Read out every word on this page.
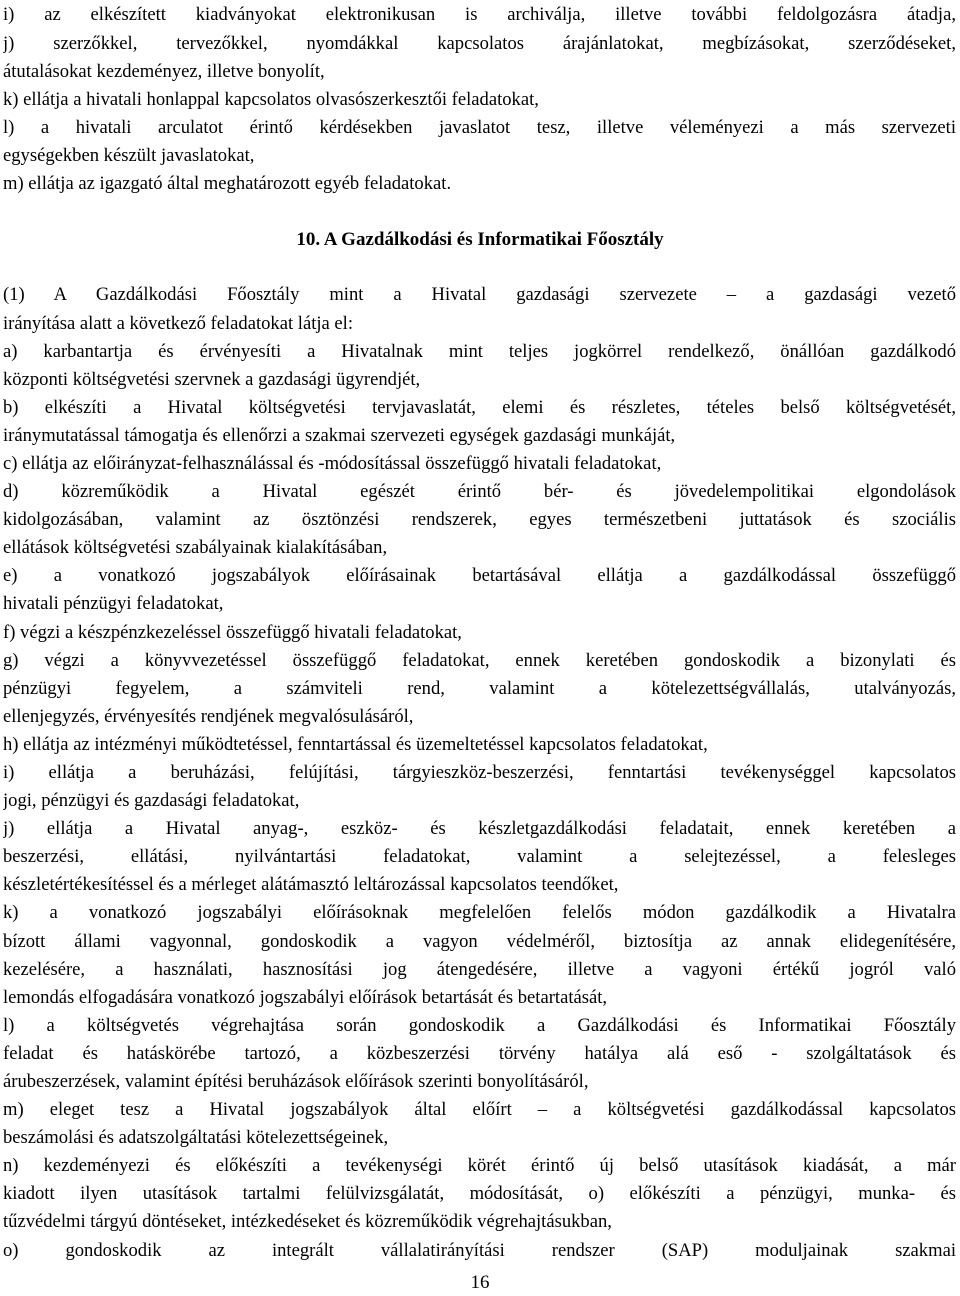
i) az elkészített kiadványokat elektronikusan is archiválja, illetve további feldolgozásra átadja,
j) szerzőkkel, tervezőkkel, nyomdákkal kapcsolatos árajánlatokat, megbízásokat, szerződéseket,
átutalásokat kezdeményez, illetve bonyolít,
k) ellátja a hivatali honlappal kapcsolatos olvasószerkesztői feladatokat,
l) a hivatali arculatot érintő kérdésekben javaslatot tesz, illetve véleményezi a más szervezeti
egységekben készült javaslatokat,
m) ellátja az igazgató által meghatározott egyéb feladatokat.
10. A Gazdálkodási és Informatikai Főosztály
(1) A Gazdálkodási Főosztály mint a Hivatal gazdasági szervezete – a gazdasági vezető
irányítása alatt a következő feladatokat látja el:
a) karbantartja és érvényesíti a Hivatalnak mint teljes jogkörrel rendelkező, önállóan gazdálkodó
központi költségvetési szervnek a gazdasági ügyrendjét,
b) elkészíti a Hivatal költségvetési tervjavaslatát, elemi és részletes, tételes belső költségvetését,
iránymutatással támogatja és ellenőrzi a szakmai szervezeti egységek gazdasági munkáját,
c) ellátja az előirányzat-felhasználással és -módosítással összefüggő hivatali feladatokat,
d) közreműködik a Hivatal egészét érintő bér- és jövedelempolitikai elgondolások
kidolgozásában, valamint az ösztönzési rendszerek, egyes természetbeni juttatások és szociális
ellátások költségvetési szabályainak kialakításában,
e) a vonatkozó jogszabályok előírásainak betartásával ellátja a gazdálkodással összefüggő
hivatali pénzügyi feladatokat,
f) végzi a készpénzkezeléssel összefüggő hivatali feladatokat,
g) végzi a könyvvezetéssel összefüggő feladatokat, ennek keretében gondoskodik a bizonylati és
pénzügyi fegyelem, a számviteli rend, valamint a kötelezettségvállalás, utalványozás,
ellenjegyzés, érvényesítés rendjének megvalósulásáról,
h) ellátja az intézményi működtetéssel, fenntartással és üzemeltetéssel kapcsolatos feladatokat,
i) ellátja a beruházási, felújítási, tárgyieszköz-beszerzési, fenntartási tevékenységgel kapcsolatos
jogi, pénzügyi és gazdasági feladatokat,
j) ellátja a Hivatal anyag-, eszköz- és készletgazdálkodási feladatait, ennek keretében a
beszerzési, ellátási, nyilvántartási feladatokat, valamint a selejtezéssel, a felesleges
készletértékesítéssel és a mérleget alátámasztó leltározással kapcsolatos teendőket,
k) a vonatkozó jogszabályi előírásoknak megfelelően felelős módon gazdálkodik a Hivatalra
bízott állami vagyonnal, gondoskodik a vagyon védelméről, biztosítja az annak elidegenítésére,
kezelésére, a használati, hasznosítási jog átengedésére, illetve a vagyoni értékű jogról való
lemondás elfogadására vonatkozó jogszabályi előírások betartását és betartatását,
l) a költségvetés végrehajtása során gondoskodik a Gazdálkodási és Informatikai Főosztály
feladat és hatáskörébe tartozó, a közbeszerzési törvény hatálya alá eső - szolgáltatások és
árubeszerzések, valamint építési beruházások előírások szerinti bonyolításáról,
m) eleget tesz a Hivatal jogszabályok által előírt – a költségvetési gazdálkodással kapcsolatos
beszámolási és adatszolgáltatási kötelezettségeinek,
n) kezdeményezi és előkészíti a tevékenységi körét érintő új belső utasítások kiadását, a már
kiadott ilyen utasítások tartalmi felülvizsgálatát, módosítását, o) előkészíti a pénzügyi, munka- és
tűzvédelmi tárgyú döntéseket, intézkedéseket és közreműködik végrehajtásukban,
o) gondoskodik az integrált vállalatirányítási rendszer (SAP) moduljainak szakmai
16
